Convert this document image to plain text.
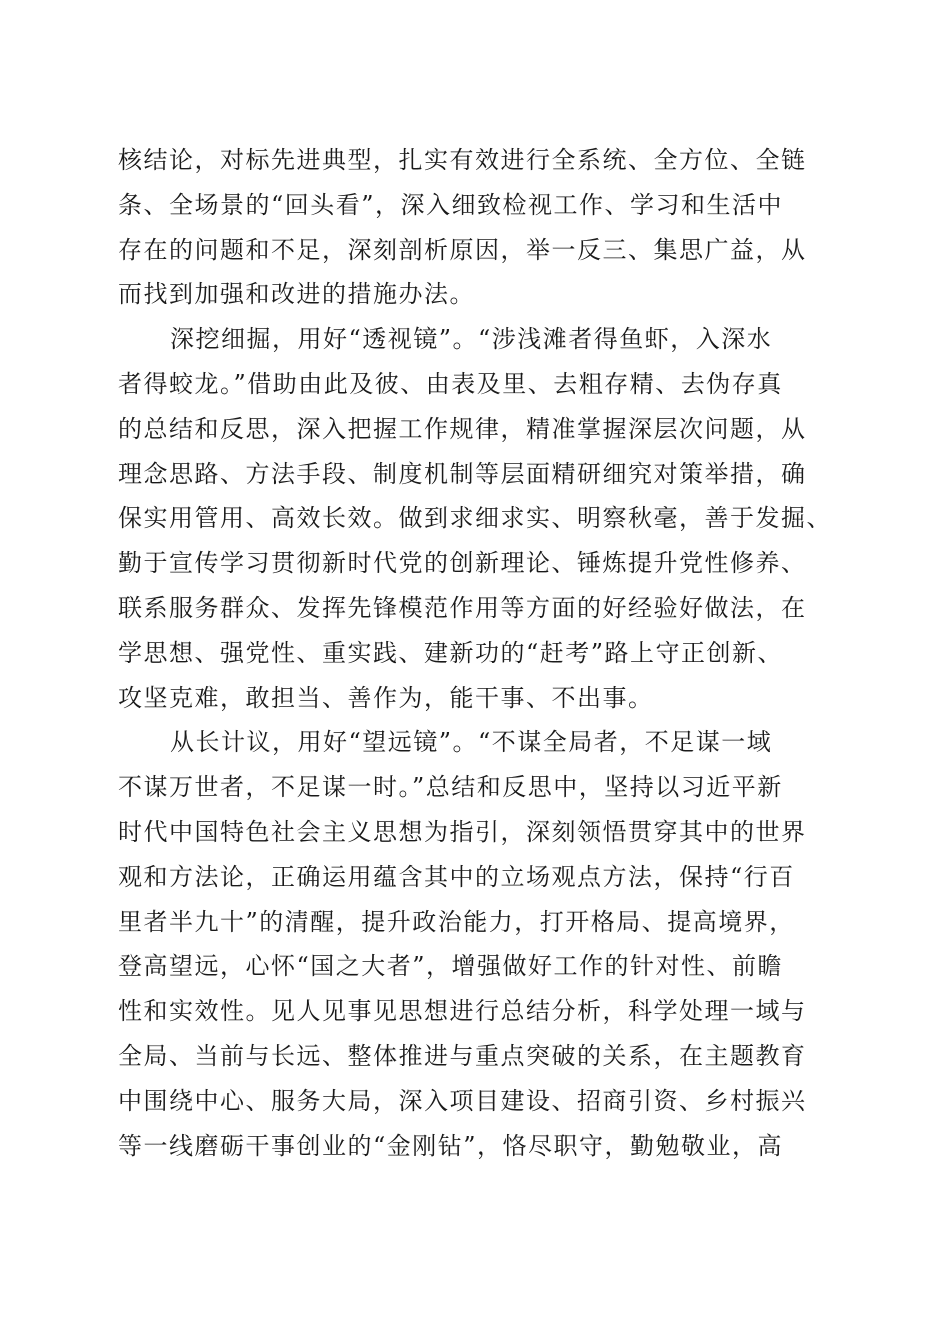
核结论，对标先进典型，扎实有效进行全系统、全方位、全链
条、全场景的“回头看”，深入细致检视工作、学习和生活中
存在的问题和不足，深刻剖析原因，举一反三、集思广益，从
而找到加强和改进的措施办法。
深挖细掘，用好“透视镜”。“涉浅滩者得鱼虾，入深水
者得蛟龙。”借助由此及彼、由表及里、去粗存精、去伪存真
的总结和反思，深入把握工作规律，精准掌握深层次问题，从
理念思路、方法手段、制度机制等层面精研细究对策举措，确
保实用管用、高效长效。做到求细求实、明察秋毫，善于发掘、
勤于宣传学习贯彻新时代党的创新理论、锤炼提升党性修养、
联系服务群众、发挥先锋模范作用等方面的好经验好做法，在
学思想、强党性、重实践、建新功的“赶考”路上守正创新、
攻坚克难，敢担当、善作为，能干事、不出事。
从长计议，用好“望远镜”。“不谋全局者，不足谋一域
不谋万世者，不足谋一时。”总结和反思中，坚持以习近平新
时代中国特色社会主义思想为指引，深刻领悟贯穿其中的世界
观和方法论，正确运用蕴含其中的立场观点方法，保持“行百
里者半九十”的清醒，提升政治能力，打开格局、提高境界，
登高望远，心怀“国之大者”，增强做好工作的针对性、前瞻
性和实效性。见人见事见思想进行总结分析，科学处理一域与
全局、当前与长远、整体推进与重点突破的关系，在主题教育
中围绕中心、服务大局，深入项目建设、招商引资、乡村振兴
等一线磨砺干事创业的“金刚钻”，恪尽职守，勤勉敬业，高
